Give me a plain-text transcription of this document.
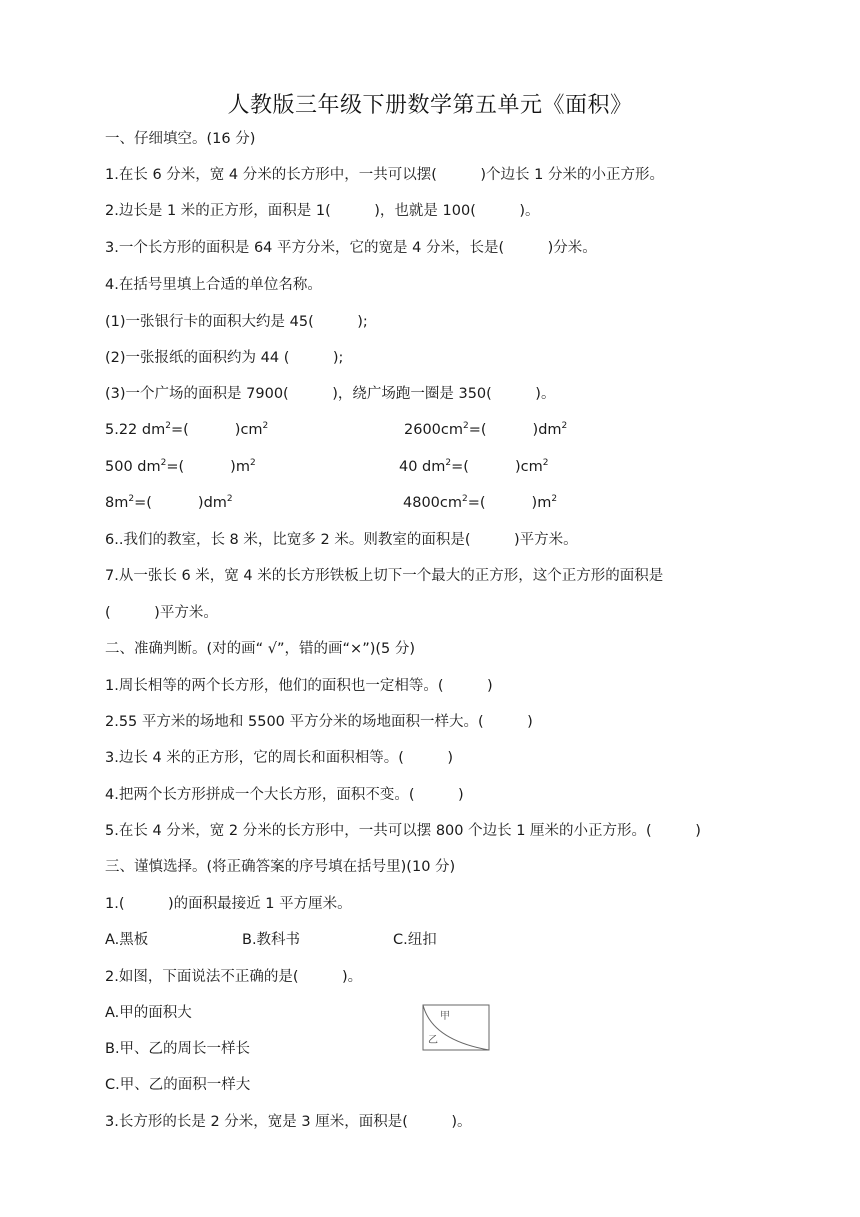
人教版三年级下册数学第五单元《面积》
一、仔细填空。(16 分)
1.在长 6 分米，宽 4 分米的长方形中，一共可以摆(　　　)个边长 1 分米的小正方形。
2.边长是 1 米的正方形，面积是 1(　　　)，也就是 100(　　　)。
3.一个长方形的面积是 64 平方分米，它的宽是 4 分米，长是(　　　)分米。
4.在括号里填上合适的单位名称。
(1)一张银行卡的面积大约是 45(　　　);
(2)一张报纸的面积约为 44 (　　　);
(3)一个广场的面积是 7900(　　　)，绕广场跑一圈是 350(　　　)。
5.22 $dm^2=$(	)$cm^2$	$2600cm^2=$(	)$dm^2$
500 $dm^2=$(	)$m^2$	40 $dm^2=$(	)$cm^2$
$8m^2=$(	)$dm^2$	$4800cm^2=$(	)$m^2$
6..我们的教室，长 8 米，比宽多 2 米。则教室的面积是(　　　)平方米。
7.从一张长 6 米，宽 4 米的长方形铁板上切下一个最大的正方形，这个正方形的面积是
(　　　)平方米。
二、准确判断。(对的画“ √”，错的画“×”)(5 分)
1.周长相等的两个长方形，他们的面积也一定相等。(　　　)
2.55 平方米的场地和 5500 平方分米的场地面积一样大。(　　　)
3.边长 4 米的正方形，它的周长和面积相等。(　　　)
4.把两个长方形拼成一个大长方形，面积不变。(　　　)
5.在长 4 分米，宽 2 分米的长方形中，一共可以摆 800 个边长 1 厘米的小正方形。(　　　)
三、谨慎选择。(将正确答案的序号填在括号里)(10 分)
1.(　　　)的面积最接近 1 平方厘米。
A.黑板	B.教科书	C.纽扣
2.如图，下面说法不正确的是(　　　)。
A.甲的面积大
B.甲、乙的周长一样长
C.甲、乙的面积一样大
3.长方形的长是 2 分米，宽是 3 厘米，面积是(　　　)。
甲
乙
